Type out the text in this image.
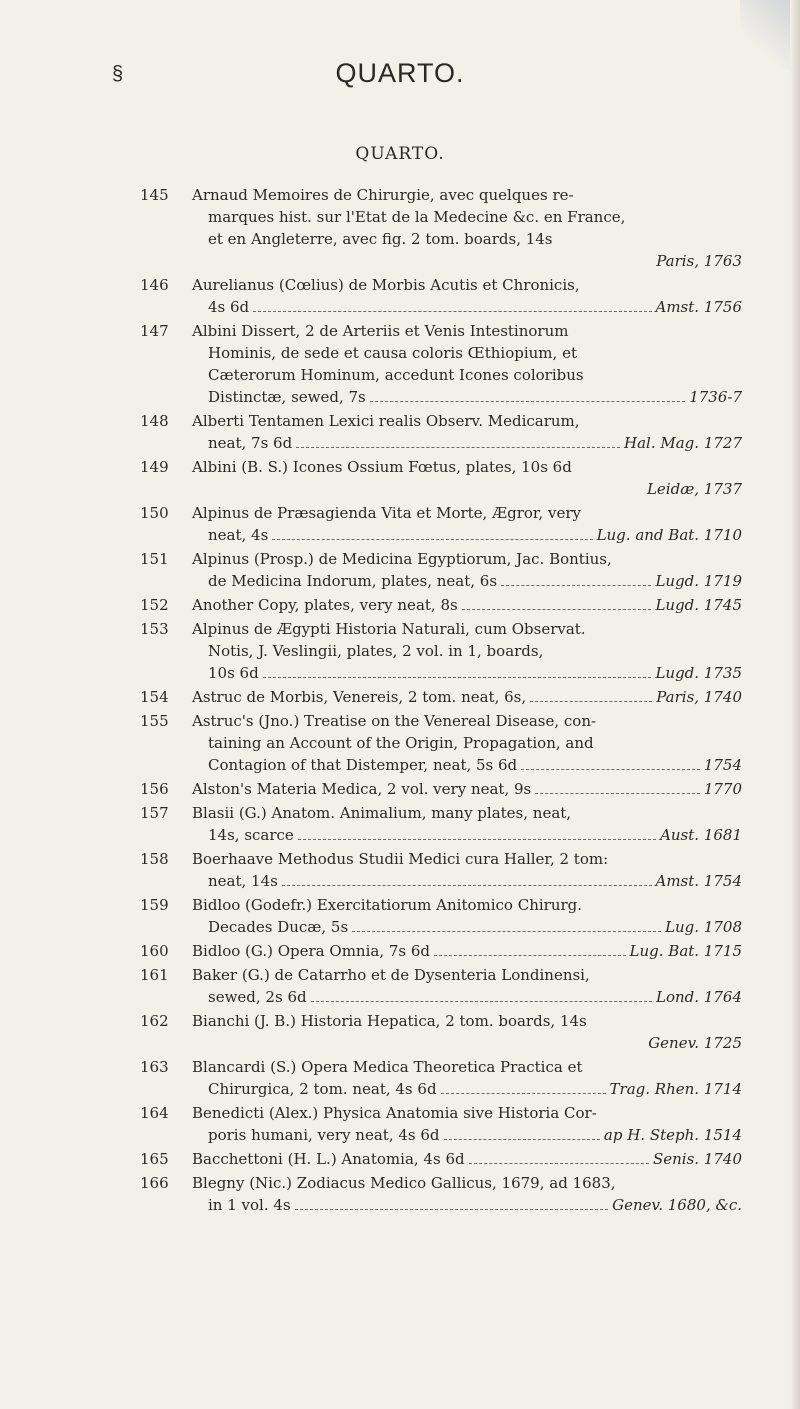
§	QUARTO.
QUARTO.
145	Arnaud Memoires de Chirurgie, avec quelques re-
marques hist. sur l'Etat de la Medecine &c. en France,
et en Angleterre, avec fig. 2 tom. boards, 14s
Paris, 1763
146	Aurelianus (Cœlius) de Morbis Acutis et Chronicis,
4s 6d	Amst. 1756
147	Albini Dissert, 2 de Arteriis et Venis Intestinorum
Hominis, de sede et causa coloris Œthiopium, et
Cæterorum Hominum, accedunt Icones coloribus
Distinctæ, sewed, 7s	1736-7
148	Alberti Tentamen Lexici realis Observ. Medicarum,
neat, 7s 6d	Hal. Mag. 1727
149	Albini (B. S.) Icones Ossium Fœtus, plates, 10s 6d
Leidæ, 1737
150	Alpinus de Præsagienda Vita et Morte, Ægror, very
neat, 4s	Lug. and Bat. 1710
151	Alpinus (Prosp.) de Medicina Egyptiorum, Jac. Bontius,
de Medicina Indorum, plates, neat, 6s	Lugd. 1719
152	Another Copy, plates, very neat, 8s	Lugd. 1745
153	Alpinus de Ægypti Historia Naturali, cum Observat.
Notis, J. Veslingii, plates, 2 vol. in 1, boards,
10s 6d	Lugd. 1735
154	Astruc de Morbis, Venereis, 2 tom. neat, 6s,	Paris, 1740
155	Astruc's (Jno.) Treatise on the Venereal Disease, con-
taining an Account of the Origin, Propagation, and
Contagion of that Distemper, neat, 5s 6d	1754
156	Alston's Materia Medica, 2 vol. very neat, 9s	1770
157	Blasii (G.) Anatom. Animalium, many plates, neat,
14s, scarce	Aust. 1681
158	Boerhaave Methodus Studii Medici cura Haller, 2 tom:
neat, 14s	Amst. 1754
159	Bidloo (Godefr.) Exercitatiorum Anitomico Chirurg.
Decades Ducæ, 5s	Lug. 1708
160	Bidloo (G.) Opera Omnia, 7s 6d	Lug. Bat. 1715
161	Baker (G.) de Catarrho et de Dysenteria Londinensi,
sewed, 2s 6d	Lond. 1764
162	Bianchi (J. B.) Historia Hepatica, 2 tom. boards, 14s
Genev. 1725
163	Blancardi (S.) Opera Medica Theoretica Practica et
Chirurgica, 2 tom. neat, 4s 6d	Trag. Rhen. 1714
164	Benedicti (Alex.) Physica Anatomia sive Historia Cor-
poris humani, very neat, 4s 6d	ap H. Steph. 1514
165	Bacchettoni (H. L.) Anatomia, 4s 6d	Senis. 1740
166	Blegny (Nic.) Zodiacus Medico Gallicus, 1679, ad 1683,
in 1 vol. 4s	Genev. 1680, &c.
